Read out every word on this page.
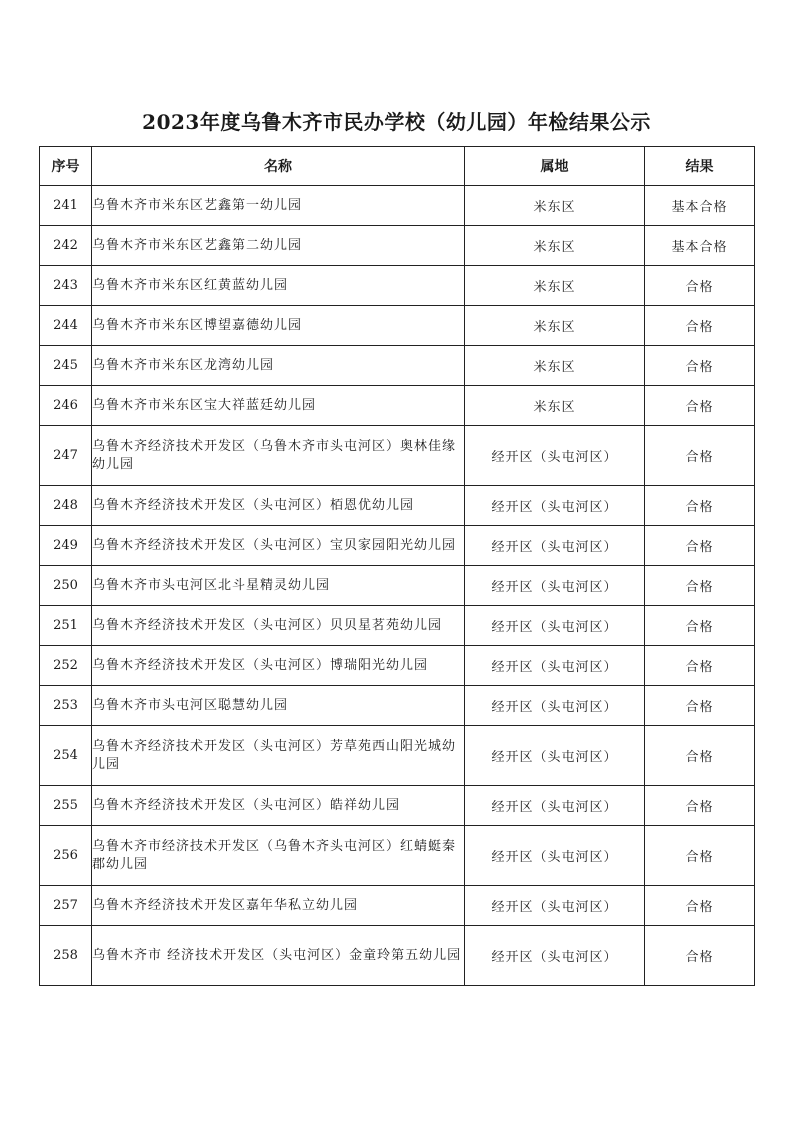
2023年度乌鲁木齐市民办学校（幼儿园）年检结果公示
序号	名称	属地	结果
241	乌鲁木齐市米东区艺鑫第一幼儿园	米东区	基本合格
242	乌鲁木齐市米东区艺鑫第二幼儿园	米东区	基本合格
243	乌鲁木齐市米东区红黄蓝幼儿园	米东区	合格
244	乌鲁木齐市米东区博望嘉德幼儿园	米东区	合格
245	乌鲁木齐市米东区龙湾幼儿园	米东区	合格
246	乌鲁木齐市米东区宝大祥蓝廷幼儿园	米东区	合格
247	乌鲁木齐经济技术开发区（乌鲁木齐市头屯河区）奥林佳缘幼儿园	经开区（头屯河区）	合格
248	乌鲁木齐经济技术开发区（头屯河区）栢恩优幼儿园	经开区（头屯河区）	合格
249	乌鲁木齐经济技术开发区（头屯河区）宝贝家园阳光幼儿园	经开区（头屯河区）	合格
250	乌鲁木齐市头屯河区北斗星精灵幼儿园	经开区（头屯河区）	合格
251	乌鲁木齐经济技术开发区（头屯河区）贝贝星茗苑幼儿园	经开区（头屯河区）	合格
252	乌鲁木齐经济技术开发区（头屯河区）博瑞阳光幼儿园	经开区（头屯河区）	合格
253	乌鲁木齐市头屯河区聪慧幼儿园	经开区（头屯河区）	合格
254	乌鲁木齐经济技术开发区（头屯河区）芳草苑西山阳光城幼儿园	经开区（头屯河区）	合格
255	乌鲁木齐经济技术开发区（头屯河区）皓祥幼儿园	经开区（头屯河区）	合格
256	乌鲁木齐市经济技术开发区（乌鲁木齐头屯河区）红蜻蜓秦郡幼儿园	经开区（头屯河区）	合格
257	乌鲁木齐经济技术开发区嘉年华私立幼儿园	经开区（头屯河区）	合格
258	乌鲁木齐市 经济技术开发区（头屯河区）金童玲第五幼儿园	经开区（头屯河区）	合格
